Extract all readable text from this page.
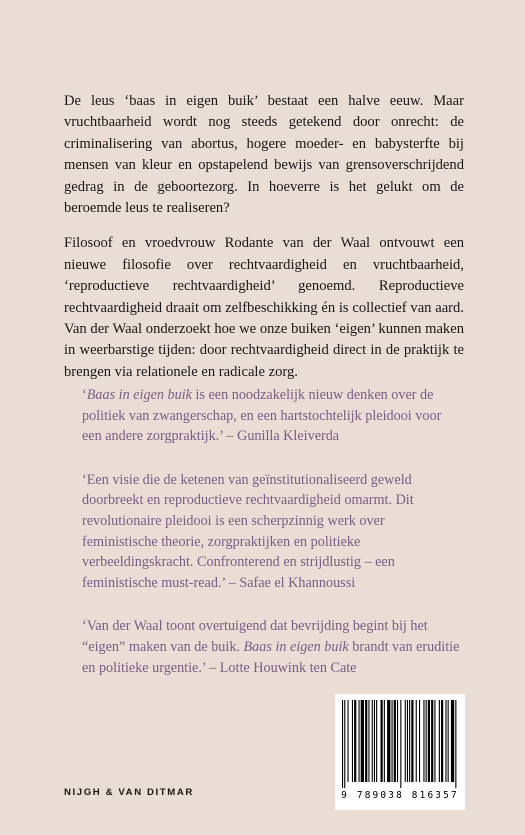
De leus ‘baas in eigen buik’ bestaat een halve eeuw. Maar vruchtbaarheid wordt nog steeds getekend door onrecht: de criminalisering van abortus, hogere moeder- en babysterfte bij mensen van kleur en opstapelend bewijs van grensoverschrijdend gedrag in de geboortezorg. In hoeverre is het gelukt om de beroemde leus te realiseren?

Filosoof en vroedvrouw Rodante van der Waal ontvouwt een nieuwe filosofie over rechtvaardigheid en vruchtbaarheid, ‘reproductieve rechtvaardigheid’ genoemd. Reproductieve rechtvaardigheid draait om zelfbeschikking én is collectief van aard. Van der Waal onderzoekt hoe we onze buiken ‘eigen’ kunnen maken in weerbarstige tijden: door rechtvaardigheid direct in de praktijk te brengen via relationele en radicale zorg.

‘Baas in eigen buik is een noodzakelijk nieuw denken over de politiek van zwangerschap, en een hartstochtelijk pleidooi voor een andere zorgpraktijk.’ – Gunilla Kleiverda

‘Een visie die de ketenen van geïnstitutionaliseerd geweld doorbreekt en reproductieve rechtvaardigheid omarmt. Dit revolutionaire pleidooi is een scherpzinnig werk over feministische theorie, zorgpraktijken en politieke verbeeldingskracht. Confronterend en strijdlustig – een feministische must-read.’ – Safae el Khannoussi

‘Van der Waal toont overtuigend dat bevrijding begint bij het “eigen” maken van de buik. Baas in eigen buik brandt van eruditie en politieke urgentie.’ – Lotte Houwink ten Cate

NIJGH & VAN DITMAR	9 789038 816357
